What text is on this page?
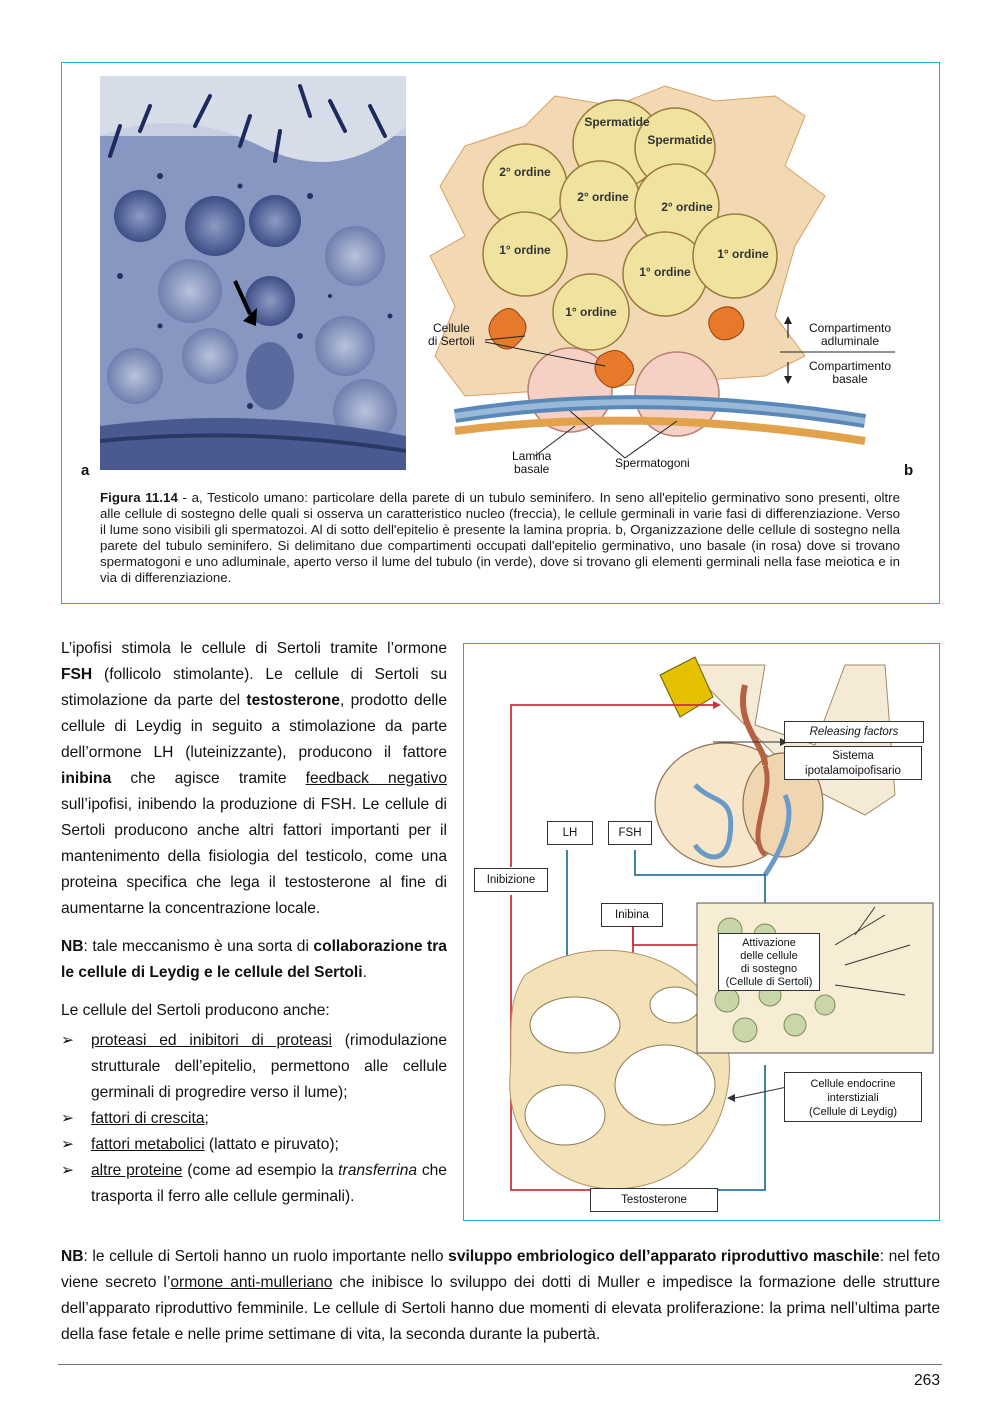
a	b
Spermatide
Spermatide
2° ordine
2° ordine
2° ordine
1° ordine
1° ordine
1° ordine
1° ordine
Cellule
di Sertoli
Compartimento
adluminale
Compartimento
basale
Lamina
basale	Spermatogoni
Figura 11.14 - a, Testicolo umano: particolare della parete di un tubulo seminifero. In seno all'epitelio germinativo sono presenti, oltre alle cellule di sostegno delle quali si osserva un caratteristico nucleo (freccia), le cellule germinali in varie fasi di differenziazione. Verso il lume sono visibili gli spermatozoi. Al di sotto dell'epitelio è presente la lamina propria. b, Organizzazione delle cellule di sostegno nella parete del tubulo seminifero. Si delimitano due compartimenti occupati dall'epitelio germinativo, uno basale (in rosa) dove si trovano spermatogoni e uno adluminale, aperto verso il lume del tubulo (in verde), dove si trovano gli elementi germinali nella fase meiotica e in via di differenziazione.

L’ipofisi stimola le cellule di Sertoli tramite l’ormone FSH (follicolo stimolante). Le cellule di Sertoli su stimolazione da parte del testosterone, prodotto delle cellule di Leydig in seguito a stimolazione da parte dell’ormone LH (luteinizzante), producono il fattore inibina che agisce tramite feedback negativo sull’ipofisi, inibendo la produzione di FSH. Le cellule di Sertoli producono anche altri fattori importanti per il mantenimento della fisiologia del testicolo, come una proteina specifica che lega il testosterone al fine di aumentarne la concentrazione locale.

NB: tale meccanismo è una sorta di collaborazione tra le cellule di Leydig e le cellule del Sertoli.

Le cellule del Sertoli producono anche:

➢ proteasi ed inibitori di proteasi (rimodulazione strutturale dell’epitelio, permettono alle cellule germinali di progredire verso il lume);
➢ fattori di crescita;
➢ fattori metabolici (lattato e piruvato);
➢ altre proteine (come ad esempio la transferrina che trasporta il ferro alle cellule germinali).
Releasing factors
Sistema
ipotalamoipofisario
LH	FSH
Inibizione
Inibina
Attivazione
delle cellule
di sostegno
(Cellule di Sertoli)
Cellule endocrine
interstiziali
(Cellule di Leydig)
Testosterone
NB: le cellule di Sertoli hanno un ruolo importante nello sviluppo embriologico dell’apparato riproduttivo maschile: nel feto viene secreto l’ormone anti-mulleriano che inibisce lo sviluppo dei dotti di Muller e impedisce la formazione delle strutture dell’apparato riproduttivo femminile. Le cellule di Sertoli hanno due momenti di elevata proliferazione: la prima nell’ultima parte della fase fetale e nelle prime settimane di vita, la seconda durante la pubertà.
263
